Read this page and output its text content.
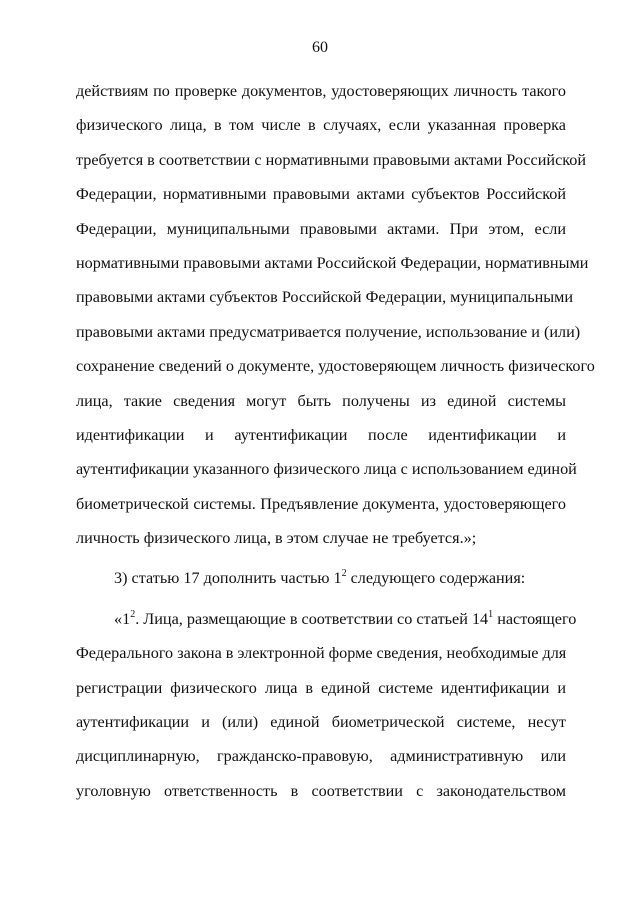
60
действиям по проверке документов, удостоверяющих личность такого
физического лица, в том числе в случаях, если указанная проверка
требуется в соответствии с нормативными правовыми актами Российской
Федерации, нормативными правовыми актами субъектов Российской
Федерации, муниципальными правовыми актами. При этом, если
нормативными правовыми актами Российской Федерации, нормативными
правовыми актами субъектов Российской Федерации, муниципальными
правовыми актами предусматривается получение, использование и (или)
сохранение сведений о документе, удостоверяющем личность физического
лица, такие сведения могут быть получены из единой системы
идентификации и аутентификации после идентификации и
аутентификации указанного физического лица с использованием единой
биометрической системы. Предъявление документа, удостоверяющего
личность физического лица, в этом случае не требуется.»;
3) статью 17 дополнить частью $1^2$ следующего содержания:
«$1^2$. Лица, размещающие в соответствии со статьей $14^1$ настоящего
Федерального закона в электронной форме сведения, необходимые для
регистрации физического лица в единой системе идентификации и
аутентификации и (или) единой биометрической системе, несут
дисциплинарную, гражданско-правовую, административную или
уголовную ответственность в соответствии с законодательством
